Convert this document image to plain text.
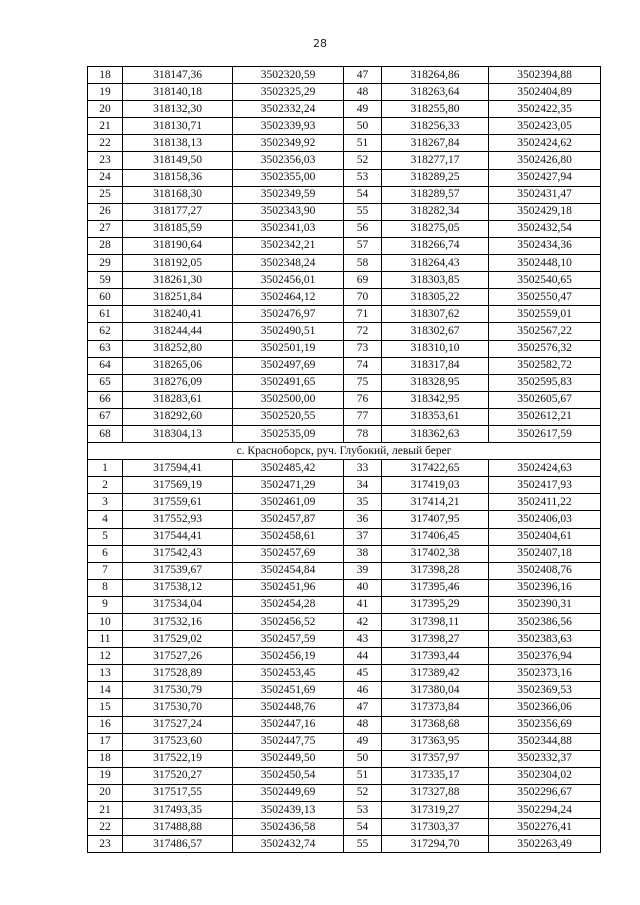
28
18	318147,36	3502320,59	47	318264,86	3502394,88
19	318140,18	3502325,29	48	318263,64	3502404,89
20	318132,30	3502332,24	49	318255,80	3502422,35
21	318130,71	3502339,93	50	318256,33	3502423,05
22	318138,13	3502349,92	51	318267,84	3502424,62
23	318149,50	3502356,03	52	318277,17	3502426,80
24	318158,36	3502355,00	53	318289,25	3502427,94
25	318168,30	3502349,59	54	318289,57	3502431,47
26	318177,27	3502343,90	55	318282,34	3502429,18
27	318185,59	3502341,03	56	318275,05	3502432,54
28	318190,64	3502342,21	57	318266,74	3502434,36
29	318192,05	3502348,24	58	318264,43	3502448,10
59	318261,30	3502456,01	69	318303,85	3502540,65
60	318251,84	3502464,12	70	318305,22	3502550,47
61	318240,41	3502476,97	71	318307,62	3502559,01
62	318244,44	3502490,51	72	318302,67	3502567,22
63	318252,80	3502501,19	73	318310,10	3502576,32
64	318265,06	3502497,69	74	318317,84	3502582,72
65	318276,09	3502491,65	75	318328,95	3502595,83
66	318283,61	3502500,00	76	318342,95	3502605,67
67	318292,60	3502520,55	77	318353,61	3502612,21
68	318304,13	3502535,09	78	318362,63	3502617,59
с. Красноборск, руч. Глубокий, левый берег					
1	317594,41	3502485,42	33	317422,65	3502424,63
2	317569,19	3502471,29	34	317419,03	3502417,93
3	317559,61	3502461,09	35	317414,21	3502411,22
4	317552,93	3502457,87	36	317407,95	3502406,03
5	317544,41	3502458,61	37	317406,45	3502404,61
6	317542,43	3502457,69	38	317402,38	3502407,18
7	317539,67	3502454,84	39	317398,28	3502408,76
8	317538,12	3502451,96	40	317395,46	3502396,16
9	317534,04	3502454,28	41	317395,29	3502390,31
10	317532,16	3502456,52	42	317398,11	3502386,56
11	317529,02	3502457,59	43	317398,27	3502383,63
12	317527,26	3502456,19	44	317393,44	3502376,94
13	317528,89	3502453,45	45	317389,42	3502373,16
14	317530,79	3502451,69	46	317380,04	3502369,53
15	317530,70	3502448,76	47	317373,84	3502366,06
16	317527,24	3502447,16	48	317368,68	3502356,69
17	317523,60	3502447,75	49	317363,95	3502344,88
18	317522,19	3502449,50	50	317357,97	3502332,37
19	317520,27	3502450,54	51	317335,17	3502304,02
20	317517,55	3502449,69	52	317327,88	3502296,67
21	317493,35	3502439,13	53	317319,27	3502294,24
22	317488,88	3502436,58	54	317303,37	3502276,41
23	317486,57	3502432,74	55	317294,70	3502263,49
